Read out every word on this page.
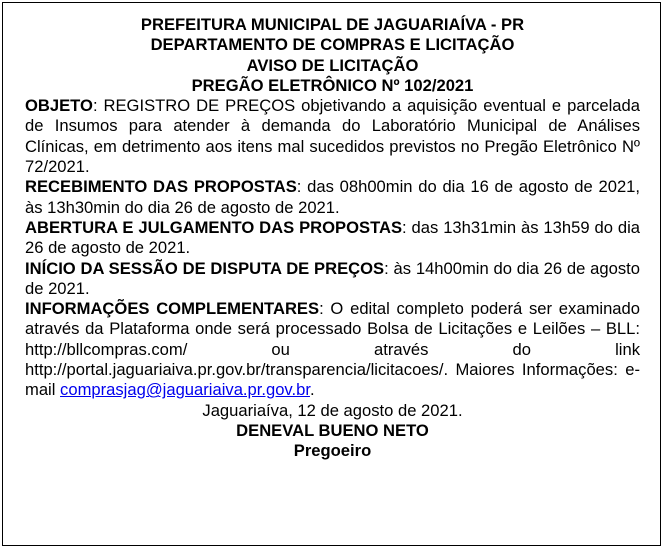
PREFEITURA MUNICIPAL DE JAGUARIAÍVA - PR

DEPARTAMENTO DE COMPRAS E LICITAÇÃO

AVISO DE LICITAÇÃO

PREGÃO ELETRÔNICO Nº 102/2021

OBJETO: REGISTRO DE PREÇOS objetivando a aquisição eventual e parcelada de Insumos para atender à demanda do Laboratório Municipal de Análises Clínicas, em detrimento aos itens mal sucedidos previstos no Pregão Eletrônico Nº 72/2021.

RECEBIMENTO DAS PROPOSTAS: das 08h00min do dia 16 de agosto de 2021, às 13h30min do dia 26 de agosto de 2021.

ABERTURA E JULGAMENTO DAS PROPOSTAS: das 13h31min às 13h59 do dia 26 de agosto de 2021.

INÍCIO DA SESSÃO DE DISPUTA DE PREÇOS: às 14h00min do dia 26 de agosto de 2021.

INFORMAÇÕES COMPLEMENTARES: O edital completo poderá ser examinado através da Plataforma onde será processado Bolsa de Licitações e Leilões – BLL: http://bllcompras.com/ ou através do link http://portal.jaguariaiva.pr.gov.br/transparencia/licitacoes/. Maiores Informações: e-mail comprasjag@jaguariaiva.pr.gov.br.

Jaguariaíva, 12 de agosto de 2021.

DENEVAL BUENO NETO

Pregoeiro
